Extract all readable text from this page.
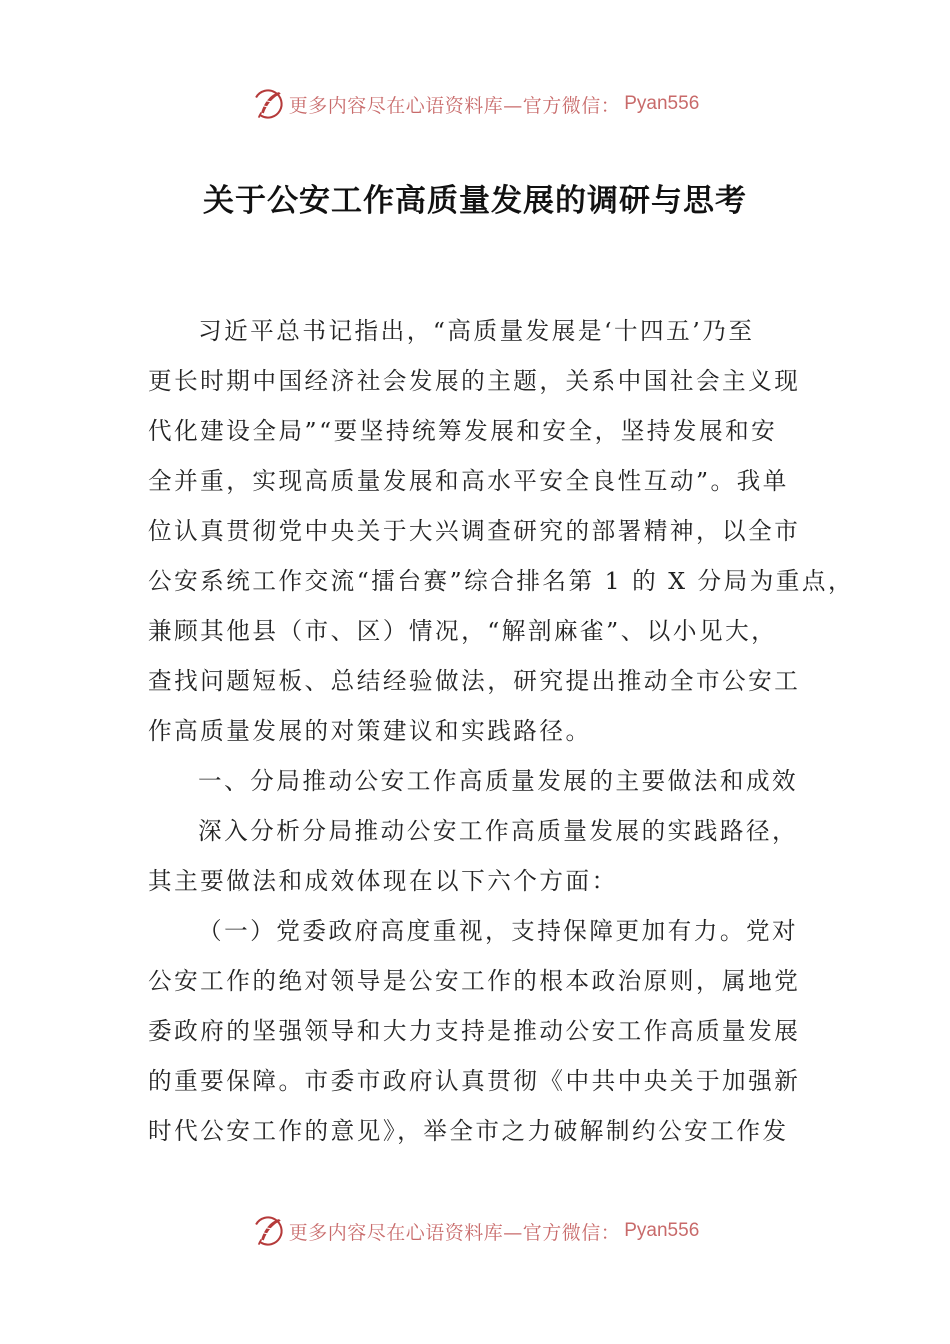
更多内容尽在心语资料库—官方微信： Pyan556
关于公安工作高质量发展的调研与思考
习近平总书记指出，“高质量发展是‘十四五’乃至
更长时期中国经济社会发展的主题，关系中国社会主义现
代化建设全局”“要坚持统筹发展和安全，坚持发展和安
全并重，实现高质量发展和高水平安全良性互动”。我单
位认真贯彻党中央关于大兴调查研究的部署精神，以全市
公安系统工作交流“擂台赛”综合排名第 1 的 X 分局为重点，
兼顾其他县（市、区）情况，“解剖麻雀”、以小见大，
查找问题短板、总结经验做法，研究提出推动全市公安工
作高质量发展的对策建议和实践路径。
一、分局推动公安工作高质量发展的主要做法和成效
深入分析分局推动公安工作高质量发展的实践路径，
其主要做法和成效体现在以下六个方面：
（一）党委政府高度重视，支持保障更加有力。党对
公安工作的绝对领导是公安工作的根本政治原则，属地党
委政府的坚强领导和大力支持是推动公安工作高质量发展
的重要保障。市委市政府认真贯彻《中共中央关于加强新
时代公安工作的意见》，举全市之力破解制约公安工作发
更多内容尽在心语资料库—官方微信： Pyan556
